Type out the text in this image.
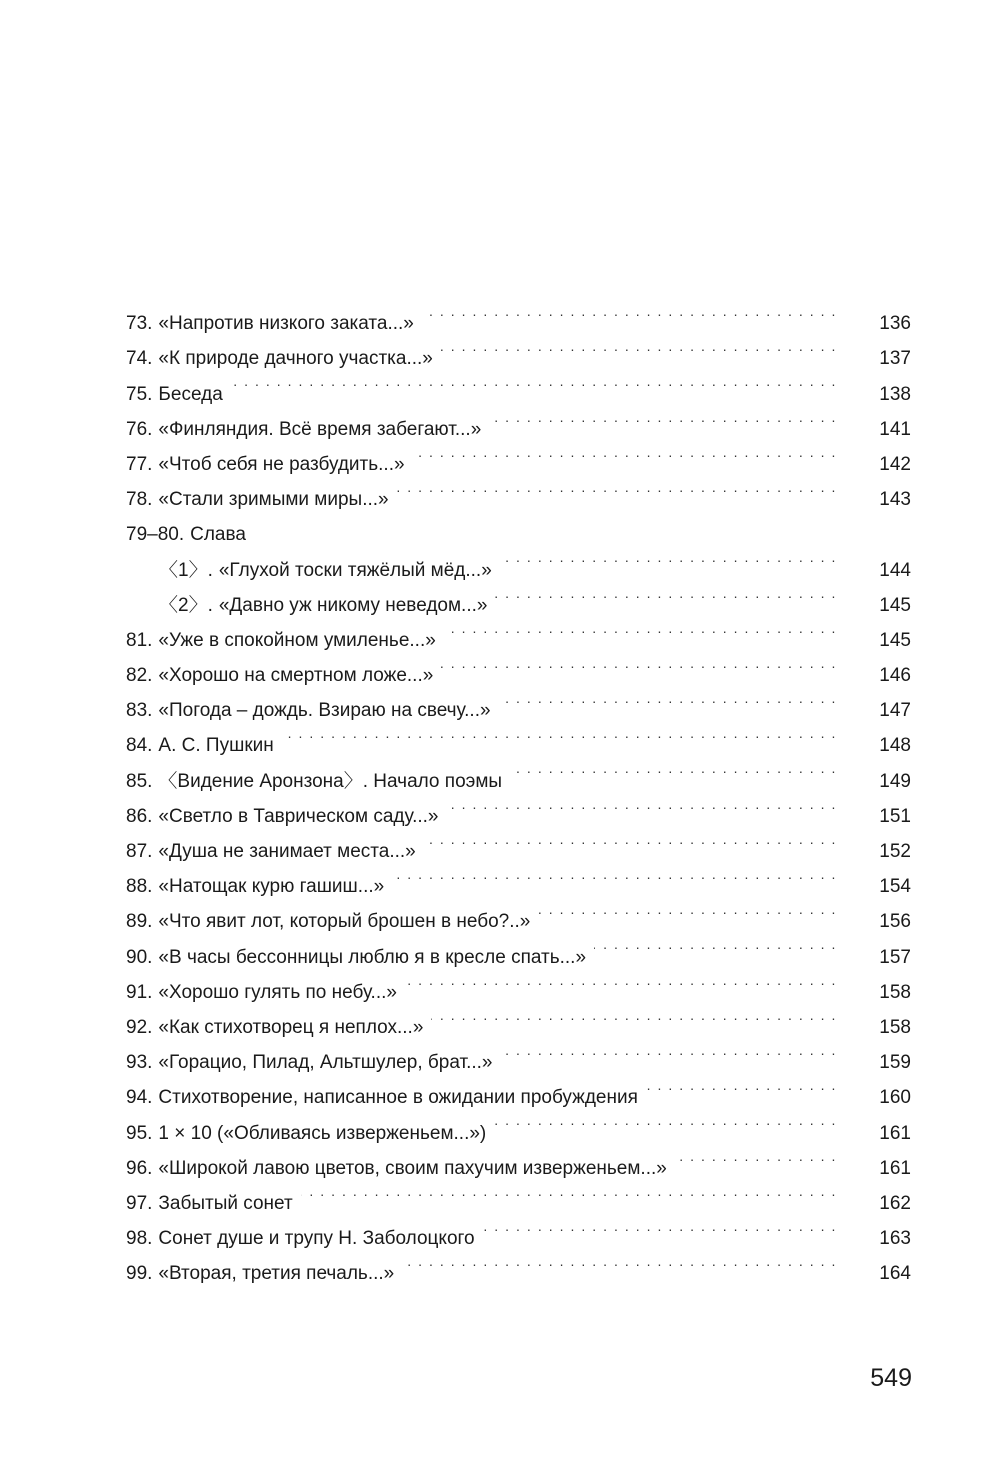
73. «Напротив низкого заката...» . . .	136
74. «К природе дачного участка...» . . .	137
75. Беседа . . .	138
76. «Финляндия. Всё время забегают...» . . .	141
77. «Чтоб себя не разбудить...» . . .	142
78. «Стали зримыми миры...» . . .	143
79–80. Слава
〈1〉. «Глухой тоски тяжёлый мёд...» . . .	144
〈2〉. «Давно уж никому неведом...» . . .	145
81. «Уже в спокойном умиленье...» . . .	145
82. «Хорошо на смертном ложе...» . . .	146
83. «Погода – дождь. Взираю на свечу...» . . .	147
84. А. С. Пушкин . . .	148
85. 〈Видение Аронзона〉. Начало поэмы . . .	149
86. «Светло в Таврическом саду...» . . .	151
87. «Душа не занимает места...» . . .	152
88. «Натощак курю гашиш...» . . .	154
89. «Что явит лот, который брошен в небо?..» . . .	156
90. «В часы бессонницы люблю я в кресле спать...» . . .	157
91. «Хорошо гулять по небу...» . . .	158
92. «Как стихотворец я неплох...» . . .	158
93. «Горацио, Пилад, Альтшулер, брат...» . . .	159
94. Стихотворение, написанное в ожидании пробуждения . . .	160
95. 1 × 10 («Обливаясь изверженьем...») . . .	161
96. «Широкой лавою цветов, своим пахучим изверженьем...» . . .	161
97. Забытый сонет . . .	162
98. Сонет душе и трупу Н. Заболоцкого . . .	163
99. «Вторая, третия печаль...» . . .	164
549
